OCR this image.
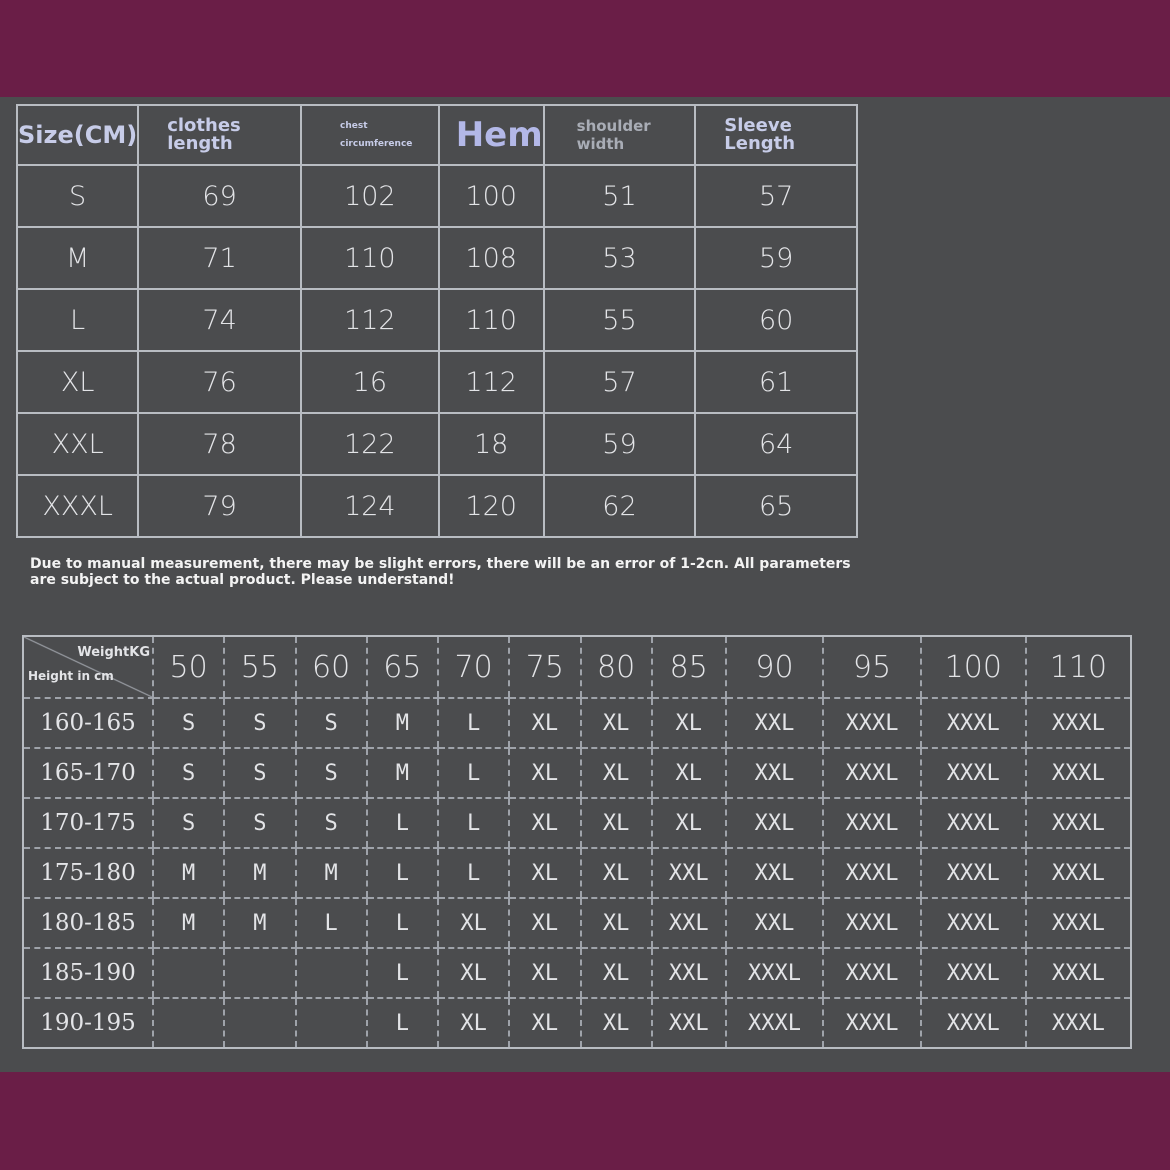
Size(CM)	clothes length	chest circumference	Hem	shoulder width	Sleeve Length
S	69	102	100	51	57
M	71	110	108	53	59
L	74	112	110	55	60
XL	76	16	112	57	61
XXL	78	122	18	59	64
XXXL	79	124	120	62	65
Due to manual measurement, there may be slight errors, there will be an error of 1-2cn. All parameters are subject to the actual product. Please understand!
WeightKG
Height in cm	50	55	60	65	70	75	80	85	90	95	100	110
160-165	S	S	S	M	L	XL	XL	XL	XXL	XXXL	XXXL	XXXL
165-170	S	S	S	M	L	XL	XL	XL	XXL	XXXL	XXXL	XXXL
170-175	S	S	S	L	L	XL	XL	XL	XXL	XXXL	XXXL	XXXL
175-180	M	M	M	L	L	XL	XL	XXL	XXL	XXXL	XXXL	XXXL
180-185	M	M	L	L	XL	XL	XL	XXL	XXL	XXXL	XXXL	XXXL
185-190				L	XL	XL	XL	XXL	XXXL	XXXL	XXXL	XXXL
190-195				L	XL	XL	XL	XXL	XXXL	XXXL	XXXL	XXXL
